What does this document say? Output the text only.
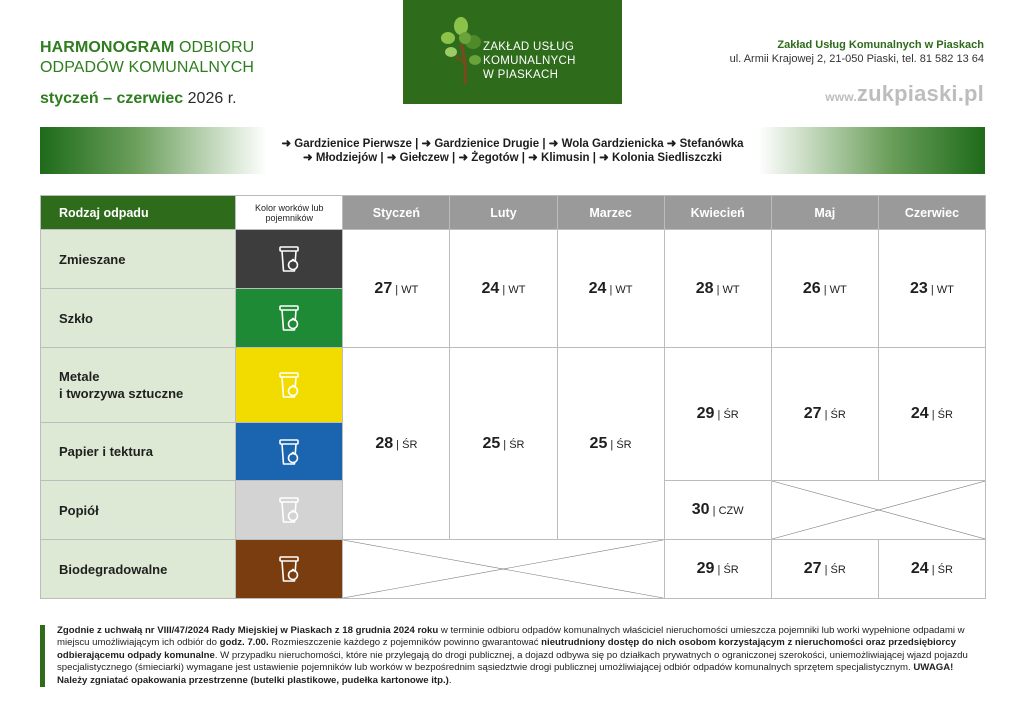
HARMONOGRAM ODBIORU
ODPADÓW KOMUNALNYCH
styczeń – czerwiec 2026 r.
ZAKŁAD USŁUG
KOMUNALNYCH
W PIASKACH
Zakład Usług Komunalnych w Piaskach
ul. Armii Krajowej 2, 21-050 Piaski, tel. 81 582 13 64
www.zukpiaski.pl
➜ Gardzienice Pierwsze | ➜ Gardzienice Drugie | ➜ Wola Gardzienicka ➜ Stefanówka
➜ Młodziejów | ➜ Giełczew | ➜ Żegotów | ➜ Klimusin | ➜ Kolonia Siedliszczki
Rodzaj odpadu	Kolor worków lub pojemników	Styczeń	Luty	Marzec	Kwiecień	Maj	Czerwiec
Zmieszane		27 | WT	24 | WT	24 | WT	28 | WT	26 | WT	23 | WT
Szkło	

Metale
i tworzywa sztuczne		28 | ŚR	25 | ŚR	25 | ŚR	29 | ŚR	27 | ŚR	24 | ŚR
Papier i tektura	
Popiół					30 | CZW	

Biodegradowalne					29 | ŚR	27 | ŚR	24 | ŚR
Zgodnie z uchwałą nr VIII/47/2024 Rady Miejskiej w Piaskach z 18 grudnia 2024 roku w terminie odbioru odpadów komunalnych właściciel nieruchomości umieszcza pojemniki lub worki wypełnione odpadami w miejscu umożliwiającym ich odbiór do godz. 7.00. Rozmieszczenie każdego z pojemników powinno gwarantować nieutrudniony dostęp do nich osobom korzystającym z nieruchomości oraz przedsiębiorcy odbierającemu odpady komunalne. W przypadku nieruchomości, które nie przylegają do drogi publicznej, a dojazd odbywa się po działkach prywatnych o ograniczonej szerokości, uniemożliwiającej wjazd pojazdu specjalistycznego (śmieciarki) wymagane jest ustawienie pojemników lub worków w bezpośrednim sąsiedztwie drogi publicznej umożliwiającej odbiór odpadów komunalnych sprzętem specjalistycznym. UWAGA! Należy zgniatać opakowania przestrzenne (butelki plastikowe, pudełka kartonowe itp.).
